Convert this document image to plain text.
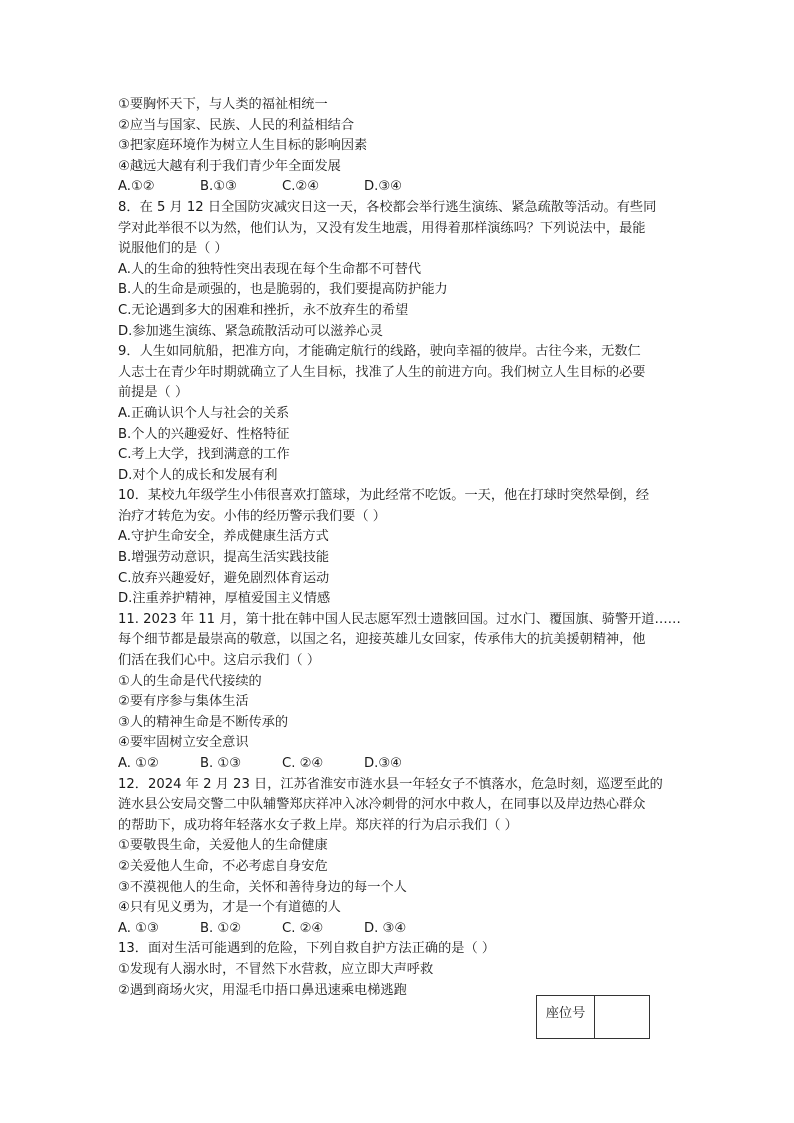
①要胸怀天下，与人类的福祉相统一
②应当与国家、民族、人民的利益相结合
③把家庭环境作为树立人生目标的影响因素
④越远大越有利于我们青少年全面发展
A.①②	B.①③	C.②④	D.③④
8．在 5 月 12 日全国防灾减灾日这一天，各校都会举行逃生演练、紧急疏散等活动。有些同
学对此举很不以为然，他们认为，又没有发生地震，用得着那样演练吗？下列说法中，最能
说服他们的是（ ）
A.人的生命的独特性突出表现在每个生命都不可替代
B.人的生命是顽强的，也是脆弱的，我们要提高防护能力
C.无论遇到多大的困难和挫折，永不放弃生的希望
D.参加逃生演练、紧急疏散活动可以滋养心灵
9．人生如同航船，把准方向，才能确定航行的线路，驶向幸福的彼岸。古往今来，无数仁
人志士在青少年时期就确立了人生目标，找准了人生的前进方向。我们树立人生目标的必要
前提是（ ）
A.正确认识个人与社会的关系
B.个人的兴趣爱好、性格特征
C.考上大学，找到满意的工作
D.对个人的成长和发展有利
10．某校九年级学生小伟很喜欢打篮球，为此经常不吃饭。一天，他在打球时突然晕倒，经
治疗才转危为安。小伟的经历警示我们要（ ）
A.守护生命安全，养成健康生活方式
B.增强劳动意识，提高生活实践技能
C.放弃兴趣爱好，避免剧烈体育运动
D.注重养护精神，厚植爱国主义情感
11. 2023 年 11 月，第十批在韩中国人民志愿军烈士遗骸回国。过水门、覆国旗、骑警开道……
每个细节都是最崇高的敬意，以国之名，迎接英雄儿女回家，传承伟大的抗美援朝精神，他
们活在我们心中。这启示我们（ ）
①人的生命是代代接续的
②要有序参与集体生活
③人的精神生命是不断传承的
④要牢固树立安全意识
A. ①②	B. ①③	C. ②④	D.③④
12．2024 年 2 月 23 日，江苏省淮安市涟水县一年轻女子不慎落水，危急时刻，巡逻至此的
涟水县公安局交警二中队辅警郑庆祥冲入冰冷刺骨的河水中救人，在同事以及岸边热心群众
的帮助下，成功将年轻落水女子救上岸。郑庆祥的行为启示我们（ ）
①要敬畏生命，关爱他人的生命健康
②关爱他人生命，不必考虑自身安危
③不漠视他人的生命，关怀和善待身边的每一个人
④只有见义勇为，才是一个有道德的人
A. ①③	B. ①②	C. ②④	D. ③④
13．面对生活可能遇到的危险，下列自救自护方法正确的是（ ）
①发现有人溺水时，不冒然下水营救，应立即大声呼救
②遇到商场火灾，用湿毛巾捂口鼻迅速乘电梯逃跑
座位号
